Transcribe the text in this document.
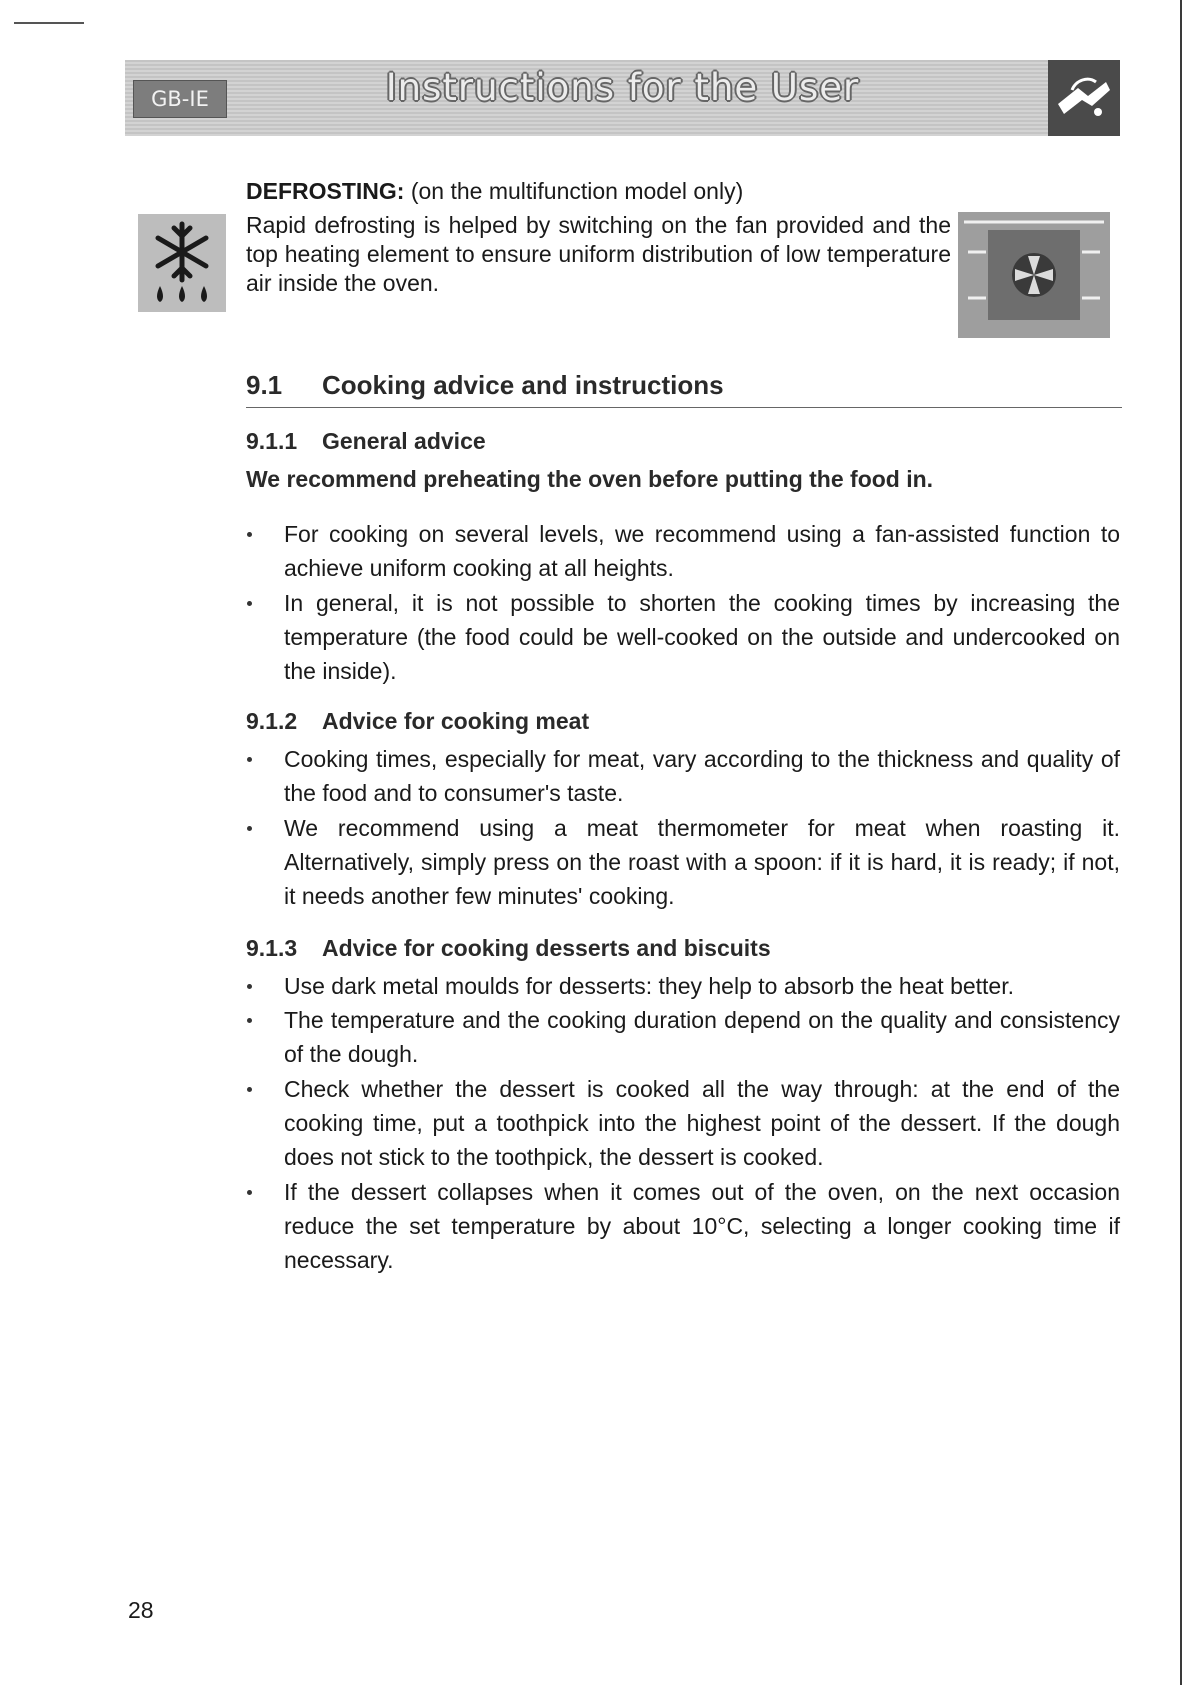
GB-IE	Instructions for the User
DEFROSTING: (on the multifunction model only)
Rapid defrosting is helped by switching on the fan provided and the top heating element to ensure uniform distribution of low temperature air inside the oven.
9.1 Cooking advice and instructions
9.1.1 General advice
We recommend preheating the oven before putting the food in.
For cooking on several levels, we recommend using a fan-assisted function to achieve uniform cooking at all heights.
In general, it is not possible to shorten the cooking times by increasing the temperature (the food could be well-cooked on the outside and undercooked on the inside).
9.1.2 Advice for cooking meat
Cooking times, especially for meat, vary according to the thickness and quality of the food and to consumer's taste.
We recommend using a meat thermometer for meat when roasting it. Alternatively, simply press on the roast with a spoon: if it is hard, it is ready; if not, it needs another few minutes' cooking.
9.1.3 Advice for cooking desserts and biscuits
Use dark metal moulds for desserts: they help to absorb the heat better.
The temperature and the cooking duration depend on the quality and consistency of the dough.
Check whether the dessert is cooked all the way through: at the end of the cooking time, put a toothpick into the highest point of the dessert. If the dough does not stick to the toothpick, the dessert is cooked.
If the dessert collapses when it comes out of the oven, on the next occasion reduce the set temperature by about 10°C, selecting a longer cooking time if necessary.
28
